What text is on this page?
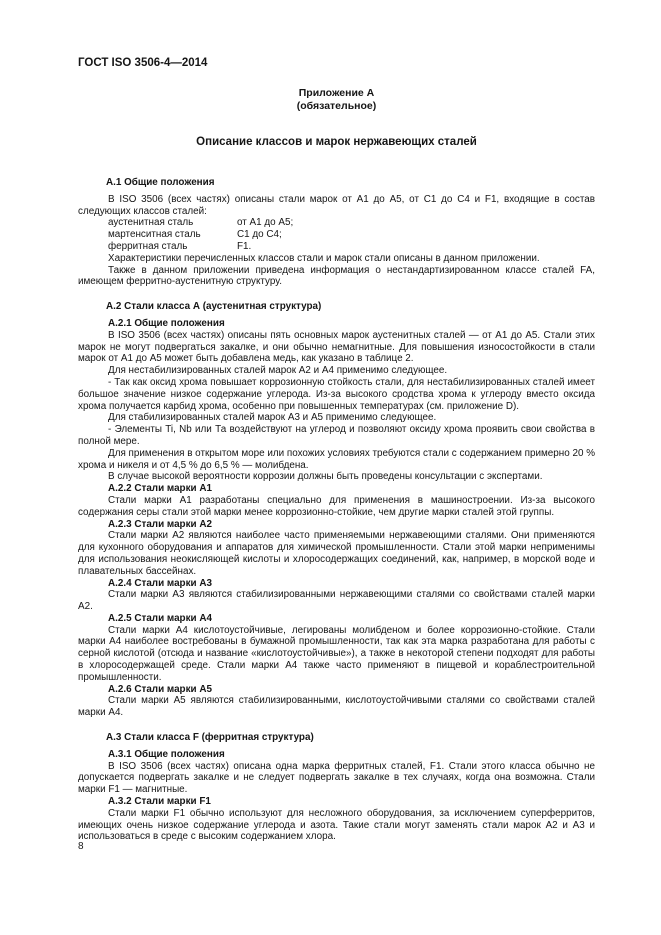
ГОСТ ISO 3506-4—2014
Приложение А
(обязательное)
Описание классов и марок нержавеющих сталей
А.1 Общие положения
В ISO 3506 (всех частях) описаны стали марок от А1 до А5, от С1 до С4 и F1, входящие в состав следующих классов сталей:
аустенитная сталь	от А1 до А5;
мартенситная сталь	С1 до С4;
ферритная сталь	F1.
Характеристики перечисленных классов стали и марок стали описаны в данном приложении.
Также в данном приложении приведена информация о нестандартизированном классе сталей FA, имеющем ферритно-аустенитную структуру.
А.2 Стали класса А (аустенитная структура)
А.2.1 Общие положения
В ISO 3506 (всех частях) описаны пять основных марок аустенитных сталей — от А1 до А5. Стали этих марок не могут подвергаться закалке, и они обычно немагнитные. Для повышения износостойкости в стали марок от А1 до А5 может быть добавлена медь, как указано в таблице 2.
Для нестабилизированных сталей марок А2 и А4 применимо следующее.
- Так как оксид хрома повышает коррозионную стойкость стали, для нестабилизированных сталей имеет большое значение низкое содержание углерода. Из-за высокого сродства хрома к углероду вместо оксида хрома получается карбид хрома, особенно при повышенных температурах (см. приложение D).
Для стабилизированных сталей марок А3 и А5 применимо следующее.
- Элементы Ti, Nb или Та воздействуют на углерод и позволяют оксиду хрома проявить свои свойства в полной мере.
Для применения в открытом море или похожих условиях требуются стали с содержанием примерно 20 % хрома и никеля и от 4,5 % до 6,5 % — молибдена.
В случае высокой вероятности коррозии должны быть проведены консультации с экспертами.
А.2.2 Стали марки А1
Стали марки А1 разработаны специально для применения в машиностроении. Из-за высокого содержания серы стали этой марки менее коррозионно-стойкие, чем другие марки сталей этой группы.
А.2.3 Стали марки А2
Стали марки А2 являются наиболее часто применяемыми нержавеющими сталями. Они применяются для кухонного оборудования и аппаратов для химической промышленности. Стали этой марки неприменимы для использования неокисляющей кислоты и хлоросодержащих соединений, как, например, в морской воде и плавательных бассейнах.
А.2.4 Стали марки А3
Стали марки А3 являются стабилизированными нержавеющими сталями со свойствами сталей марки А2.
А.2.5 Стали марки А4
Стали марки А4 кислотоустойчивые, легированы молибденом и более коррозионно-стойкие. Стали марки А4 наиболее востребованы в бумажной промышленности, так как эта марка разработана для работы с серной кислотой (отсюда и название «кислотоустойчивые»), а также в некоторой степени подходят для работы в хлоросодержащей среде. Стали марки А4 также часто применяют в пищевой и кораблестроительной промышленности.
А.2.6 Стали марки А5
Стали марки А5 являются стабилизированными, кислотоустойчивыми сталями со свойствами сталей марки А4.
А.3 Стали класса F (ферритная структура)
А.3.1 Общие положения
В ISO 3506 (всех частях) описана одна марка ферритных сталей, F1. Стали этого класса обычно не допускается подвергать закалке и не следует подвергать закалке в тех случаях, когда она возможна. Стали марки F1 — магнитные.
А.3.2 Стали марки F1
Стали марки F1 обычно используют для несложного оборудования, за исключением суперферритов, имеющих очень низкое содержание углерода и азота. Такие стали могут заменять стали марок А2 и А3 и использоваться в среде с высоким содержанием хлора.
8
